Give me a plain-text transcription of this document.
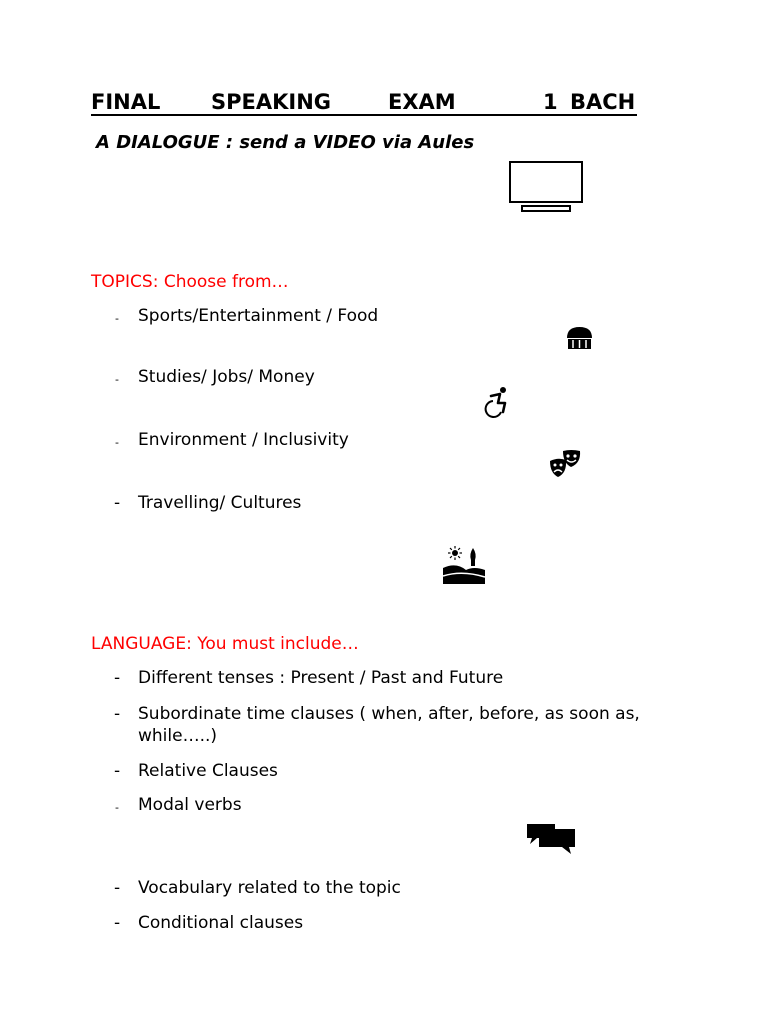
FINAL SPEAKING	EXAM	1 BACH
A DIALOGUE : send a VIDEO via Aules
TOPICS: Choose from…
- Sports/Entertainment / Food
- Studies/ Jobs/ Money
- Environment / Inclusivity
- Travelling/ Cultures
LANGUAGE: You must include…
- Different tenses : Present / Past and Future
- Subordinate time clauses ( when, after, before, as soon as,
while…..)
- Relative Clauses
- Modal verbs
- Vocabulary related to the topic
- Conditional clauses
